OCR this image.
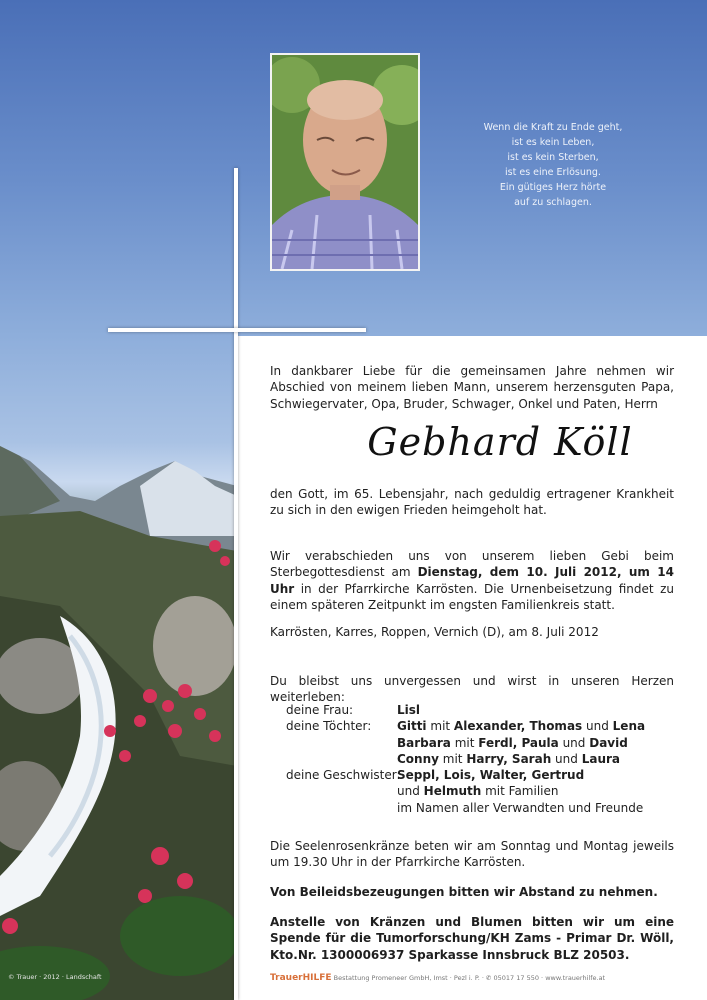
Wenn die Kraft zu Ende geht,
ist es kein Leben,
ist es kein Sterben,
ist es eine Erlösung.
Ein gütiges Herz hörte
auf zu schlagen.

In dankbarer Liebe für die gemeinsamen Jahre nehmen wir Abschied von meinem lieben Mann, unserem herzensguten Papa, Schwiegervater, Opa, Bruder, Schwager, Onkel und Paten, Herrn

Gebhard Köll

den Gott, im 65. Lebensjahr, nach geduldig ertragener Krankheit zu sich in den ewigen Frieden heimgeholt hat.

Wir verabschieden uns von unserem lieben Gebi beim Sterbegottesdienst am Dienstag, dem 10. Juli 2012, um 14 Uhr in der Pfarrkirche Karrösten. Die Urnenbeisetzung findet zu einem späteren Zeitpunkt im engsten Familienkreis statt.

Karrösten, Karres, Roppen, Vernich (D), am 8. Juli 2012

Du bleibst uns unvergessen und wirst in unseren Herzen weiterleben:

deine Frau:	Lisl
deine Töchter: Gitti mit Alexander, Thomas und Lena
Barbara mit Ferdl, Paula und David
Conny mit Harry, Sarah und Laura
deine Geschwister:
Seppl, Lois, Walter, Gertrud
und Helmuth mit Familien
im Namen aller Verwandten und Freunde

Die Seelenrosenkränze beten wir am Sonntag und Montag jeweils um 19.30 Uhr in der Pfarrkirche Karrösten.

Von Beileidsbezeugungen bitten wir Abstand zu nehmen.

Anstelle von Kränzen und Blumen bitten wir um eine Spende für die Tumorforschung/KH Zams - Primar Dr. Wöll, Kto.Nr. 1300006937 Sparkasse Innsbruck BLZ 20503.

TrauerHILFE Bestattung Promeneer GmbH, Imst · Pezl i. P. · ✆ 05017 17 550 · www.trauerhilfe.at
© Trauer · 2012 · Landschaft
